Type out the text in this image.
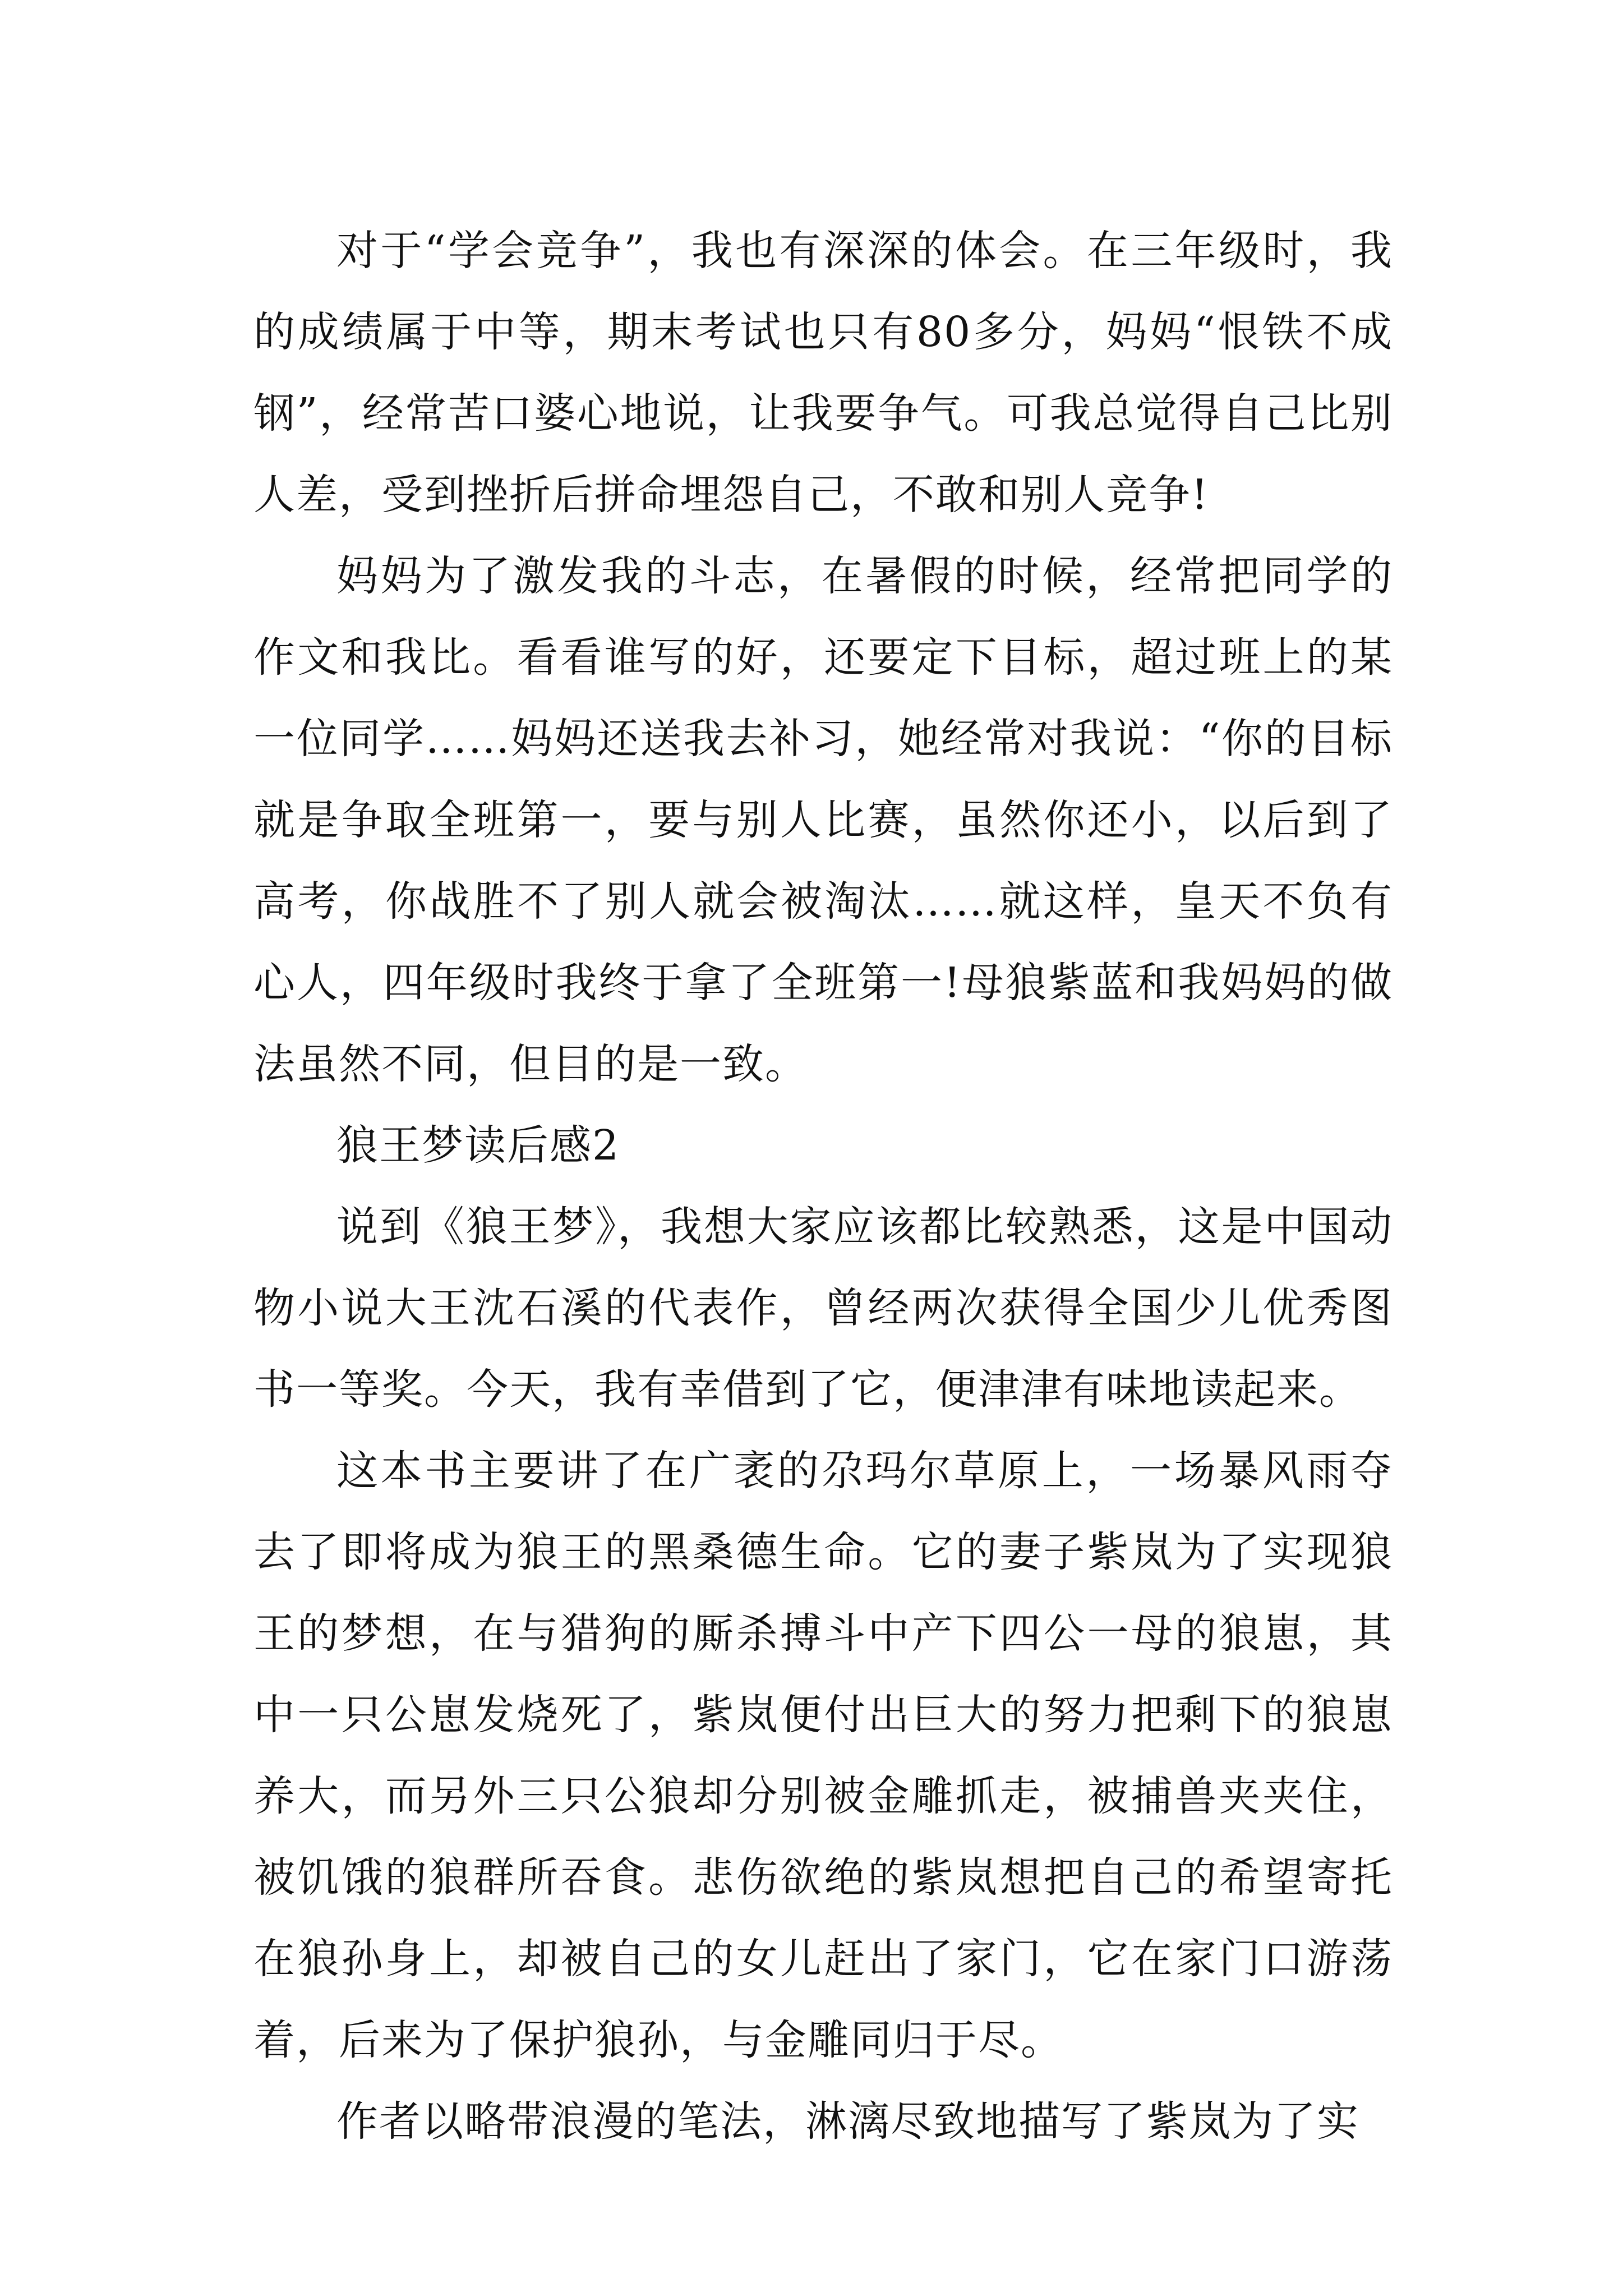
对于“学会竞争”，我也有深深的体会。在三年级时，我的成绩属于中等，期末考试也只有80多分，妈妈“恨铁不成钢”，经常苦口婆心地说，让我要争气。可我总觉得自己比别人差，受到挫折后拼命埋怨自己，不敢和别人竞争!

妈妈为了激发我的斗志，在暑假的时候，经常把同学的作文和我比。看看谁写的好，还要定下目标，超过班上的某一位同学……妈妈还送我去补习，她经常对我说：“你的目标就是争取全班第一，要与别人比赛，虽然你还小，以后到了高考，你战胜不了别人就会被淘汰……就这样，皇天不负有心人，四年级时我终于拿了全班第一!母狼紫蓝和我妈妈的做法虽然不同，但目的是一致。

狼王梦读后感2

说到《狼王梦》，我想大家应该都比较熟悉，这是中国动物小说大王沈石溪的代表作，曾经两次获得全国少儿优秀图书一等奖。今天，我有幸借到了它，便津津有味地读起来。

这本书主要讲了在广袤的尕玛尔草原上，一场暴风雨夺去了即将成为狼王的黑桑德生命。它的妻子紫岚为了实现狼王的梦想，在与猎狗的厮杀搏斗中产下四公一母的狼崽，其中一只公崽发烧死了，紫岚便付出巨大的努力把剩下的狼崽养大，而另外三只公狼却分别被金雕抓走，被捕兽夹夹住，被饥饿的狼群所吞食。悲伤欲绝的紫岚想把自己的希望寄托在狼孙身上，却被自己的女儿赶出了家门，它在家门口游荡着，后来为了保护狼孙，与金雕同归于尽。

作者以略带浪漫的笔法，淋漓尽致地描写了紫岚为了实
